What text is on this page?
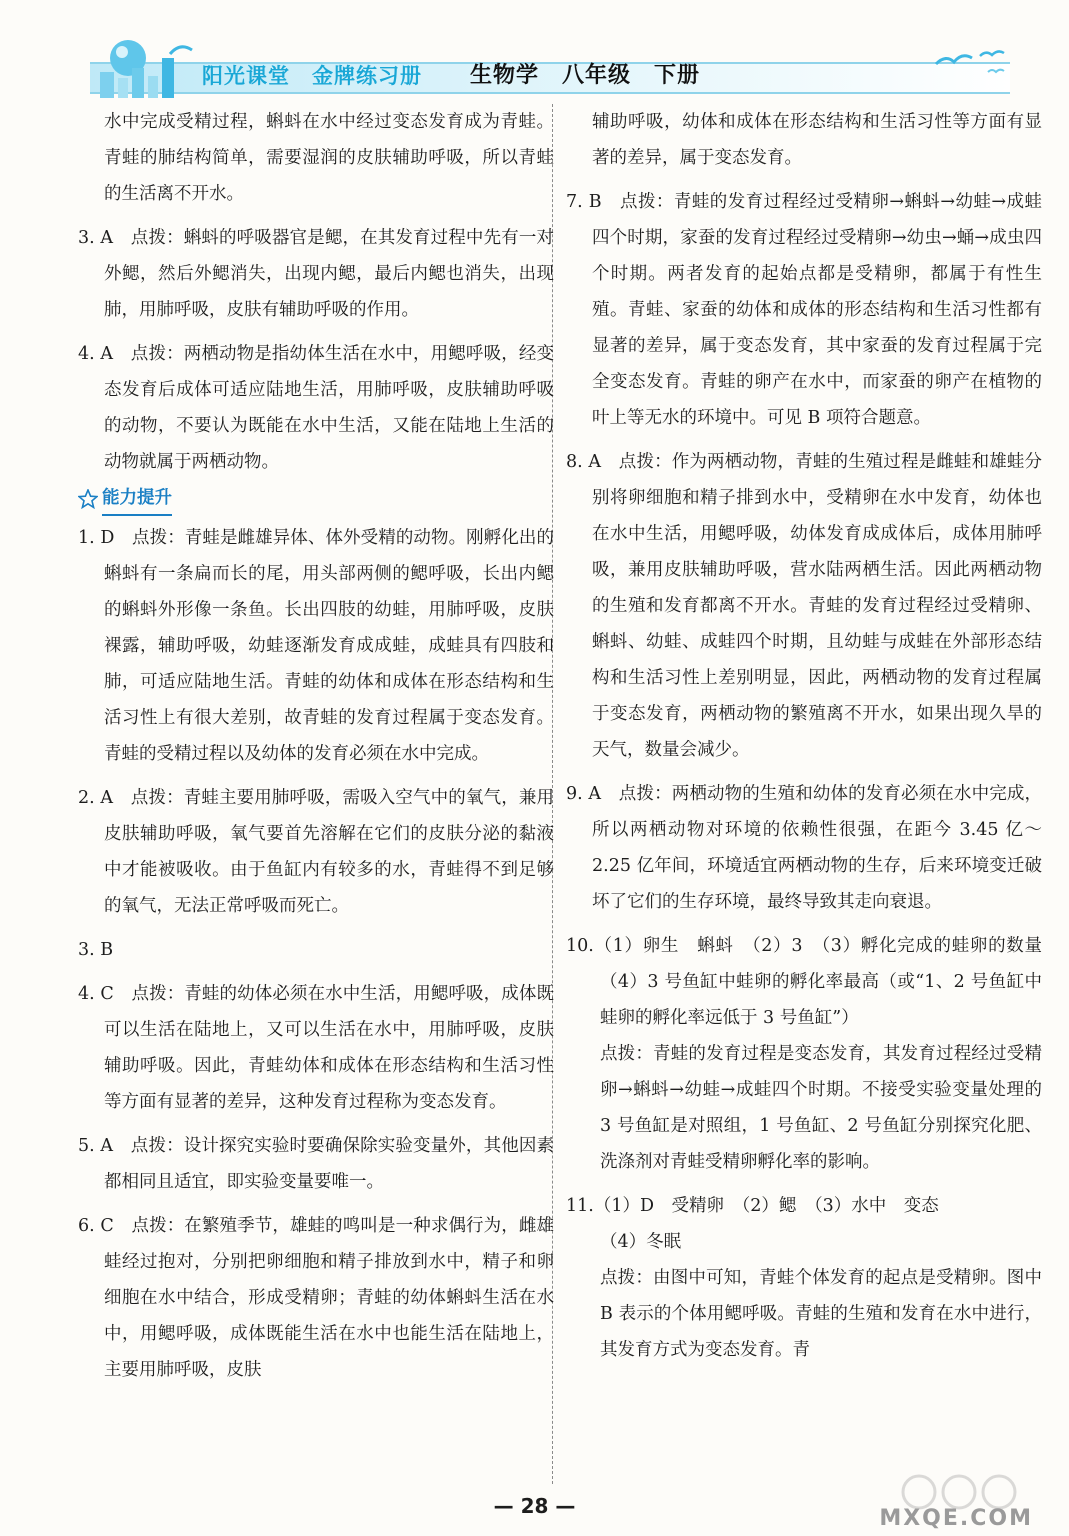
阳光课堂　金牌练习册 生物学　八年级　下册

水中完成受精过程，蝌蚪在水中经过变态发育成为青蛙。青蛙的肺结构简单，需要湿润的皮肤辅助呼吸，所以青蛙的生活离不开水。

3. A　点拨：蝌蚪的呼吸器官是鳃，在其发育过程中先有一对外鳃，然后外鳃消失，出现内鳃，最后内鳃也消失，出现肺，用肺呼吸，皮肤有辅助呼吸的作用。

4. A　点拨：两栖动物是指幼体生活在水中，用鳃呼吸，经变态发育后成体可适应陆地生活，用肺呼吸，皮肤辅助呼吸的动物，不要认为既能在水中生活，又能在陆地上生活的动物就属于两栖动物。

能力提升

1. D　点拨：青蛙是雌雄异体、体外受精的动物。刚孵化出的蝌蚪有一条扁而长的尾，用头部两侧的鳃呼吸，长出内鳃的蝌蚪外形像一条鱼。长出四肢的幼蛙，用肺呼吸，皮肤裸露，辅助呼吸，幼蛙逐渐发育成成蛙，成蛙具有四肢和肺，可适应陆地生活。青蛙的幼体和成体在形态结构和生活习性上有很大差别，故青蛙的发育过程属于变态发育。青蛙的受精过程以及幼体的发育必须在水中完成。

2. A　点拨：青蛙主要用肺呼吸，需吸入空气中的氧气，兼用皮肤辅助呼吸，氧气要首先溶解在它们的皮肤分泌的黏液中才能被吸收。由于鱼缸内有较多的水，青蛙得不到足够的氧气，无法正常呼吸而死亡。

3. B

4. C　点拨：青蛙的幼体必须在水中生活，用鳃呼吸，成体既可以生活在陆地上，又可以生活在水中，用肺呼吸，皮肤辅助呼吸。因此，青蛙幼体和成体在形态结构和生活习性等方面有显著的差异，这种发育过程称为变态发育。

5. A　点拨：设计探究实验时要确保除实验变量外，其他因素都相同且适宜，即实验变量要唯一。

6. C　点拨：在繁殖季节，雄蛙的鸣叫是一种求偶行为，雌雄蛙经过抱对，分别把卵细胞和精子排放到水中，精子和卵细胞在水中结合，形成受精卵；青蛙的幼体蝌蚪生活在水中，用鳃呼吸，成体既能生活在水中也能生活在陆地上，主要用肺呼吸，皮肤

辅助呼吸，幼体和成体在形态结构和生活习性等方面有显著的差异，属于变态发育。

7. B　点拨：青蛙的发育过程经过受精卵→蝌蚪→幼蛙→成蛙四个时期，家蚕的发育过程经过受精卵→幼虫→蛹→成虫四个时期。两者发育的起始点都是受精卵，都属于有性生殖。青蛙、家蚕的幼体和成体的形态结构和生活习性都有显著的差异，属于变态发育，其中家蚕的发育过程属于完全变态发育。青蛙的卵产在水中，而家蚕的卵产在植物的叶上等无水的环境中。可见 B 项符合题意。

8. A　点拨：作为两栖动物，青蛙的生殖过程是雌蛙和雄蛙分别将卵细胞和精子排到水中，受精卵在水中发育，幼体也在水中生活，用鳃呼吸，幼体发育成成体后，成体用肺呼吸，兼用皮肤辅助呼吸，营水陆两栖生活。因此两栖动物的生殖和发育都离不开水。青蛙的发育过程经过受精卵、蝌蚪、幼蛙、成蛙四个时期，且幼蛙与成蛙在外部形态结构和生活习性上差别明显，因此，两栖动物的发育过程属于变态发育，两栖动物的繁殖离不开水，如果出现久旱的天气，数量会减少。

9. A　点拨：两栖动物的生殖和幼体的发育必须在水中完成，所以两栖动物对环境的依赖性很强，在距今 3.45 亿～2.25 亿年间，环境适宜两栖动物的生存，后来环境变迁破坏了它们的生存环境，最终导致其走向衰退。

10.（1）卵生　蝌蚪　（2）3　（3）孵化完成的蛙卵的数量　（4）3 号鱼缸中蛙卵的孵化率最高（或“1、2 号鱼缸中蛙卵的孵化率远低于 3 号鱼缸”）

点拨：青蛙的发育过程是变态发育，其发育过程经过受精卵→蝌蚪→幼蛙→成蛙四个时期。不接受实验变量处理的 3 号鱼缸是对照组，1 号鱼缸、2 号鱼缸分别探究化肥、洗涤剂对青蛙受精卵孵化率的影响。

11.（1）D　受精卵　（2）鳃　（3）水中　变态

（4）冬眠

点拨：由图中可知，青蛙个体发育的起点是受精卵。图中 B 表示的个体用鳃呼吸。青蛙的生殖和发育在水中进行，其发育方式为变态发育。青

— 28 —	MXQE.COM
